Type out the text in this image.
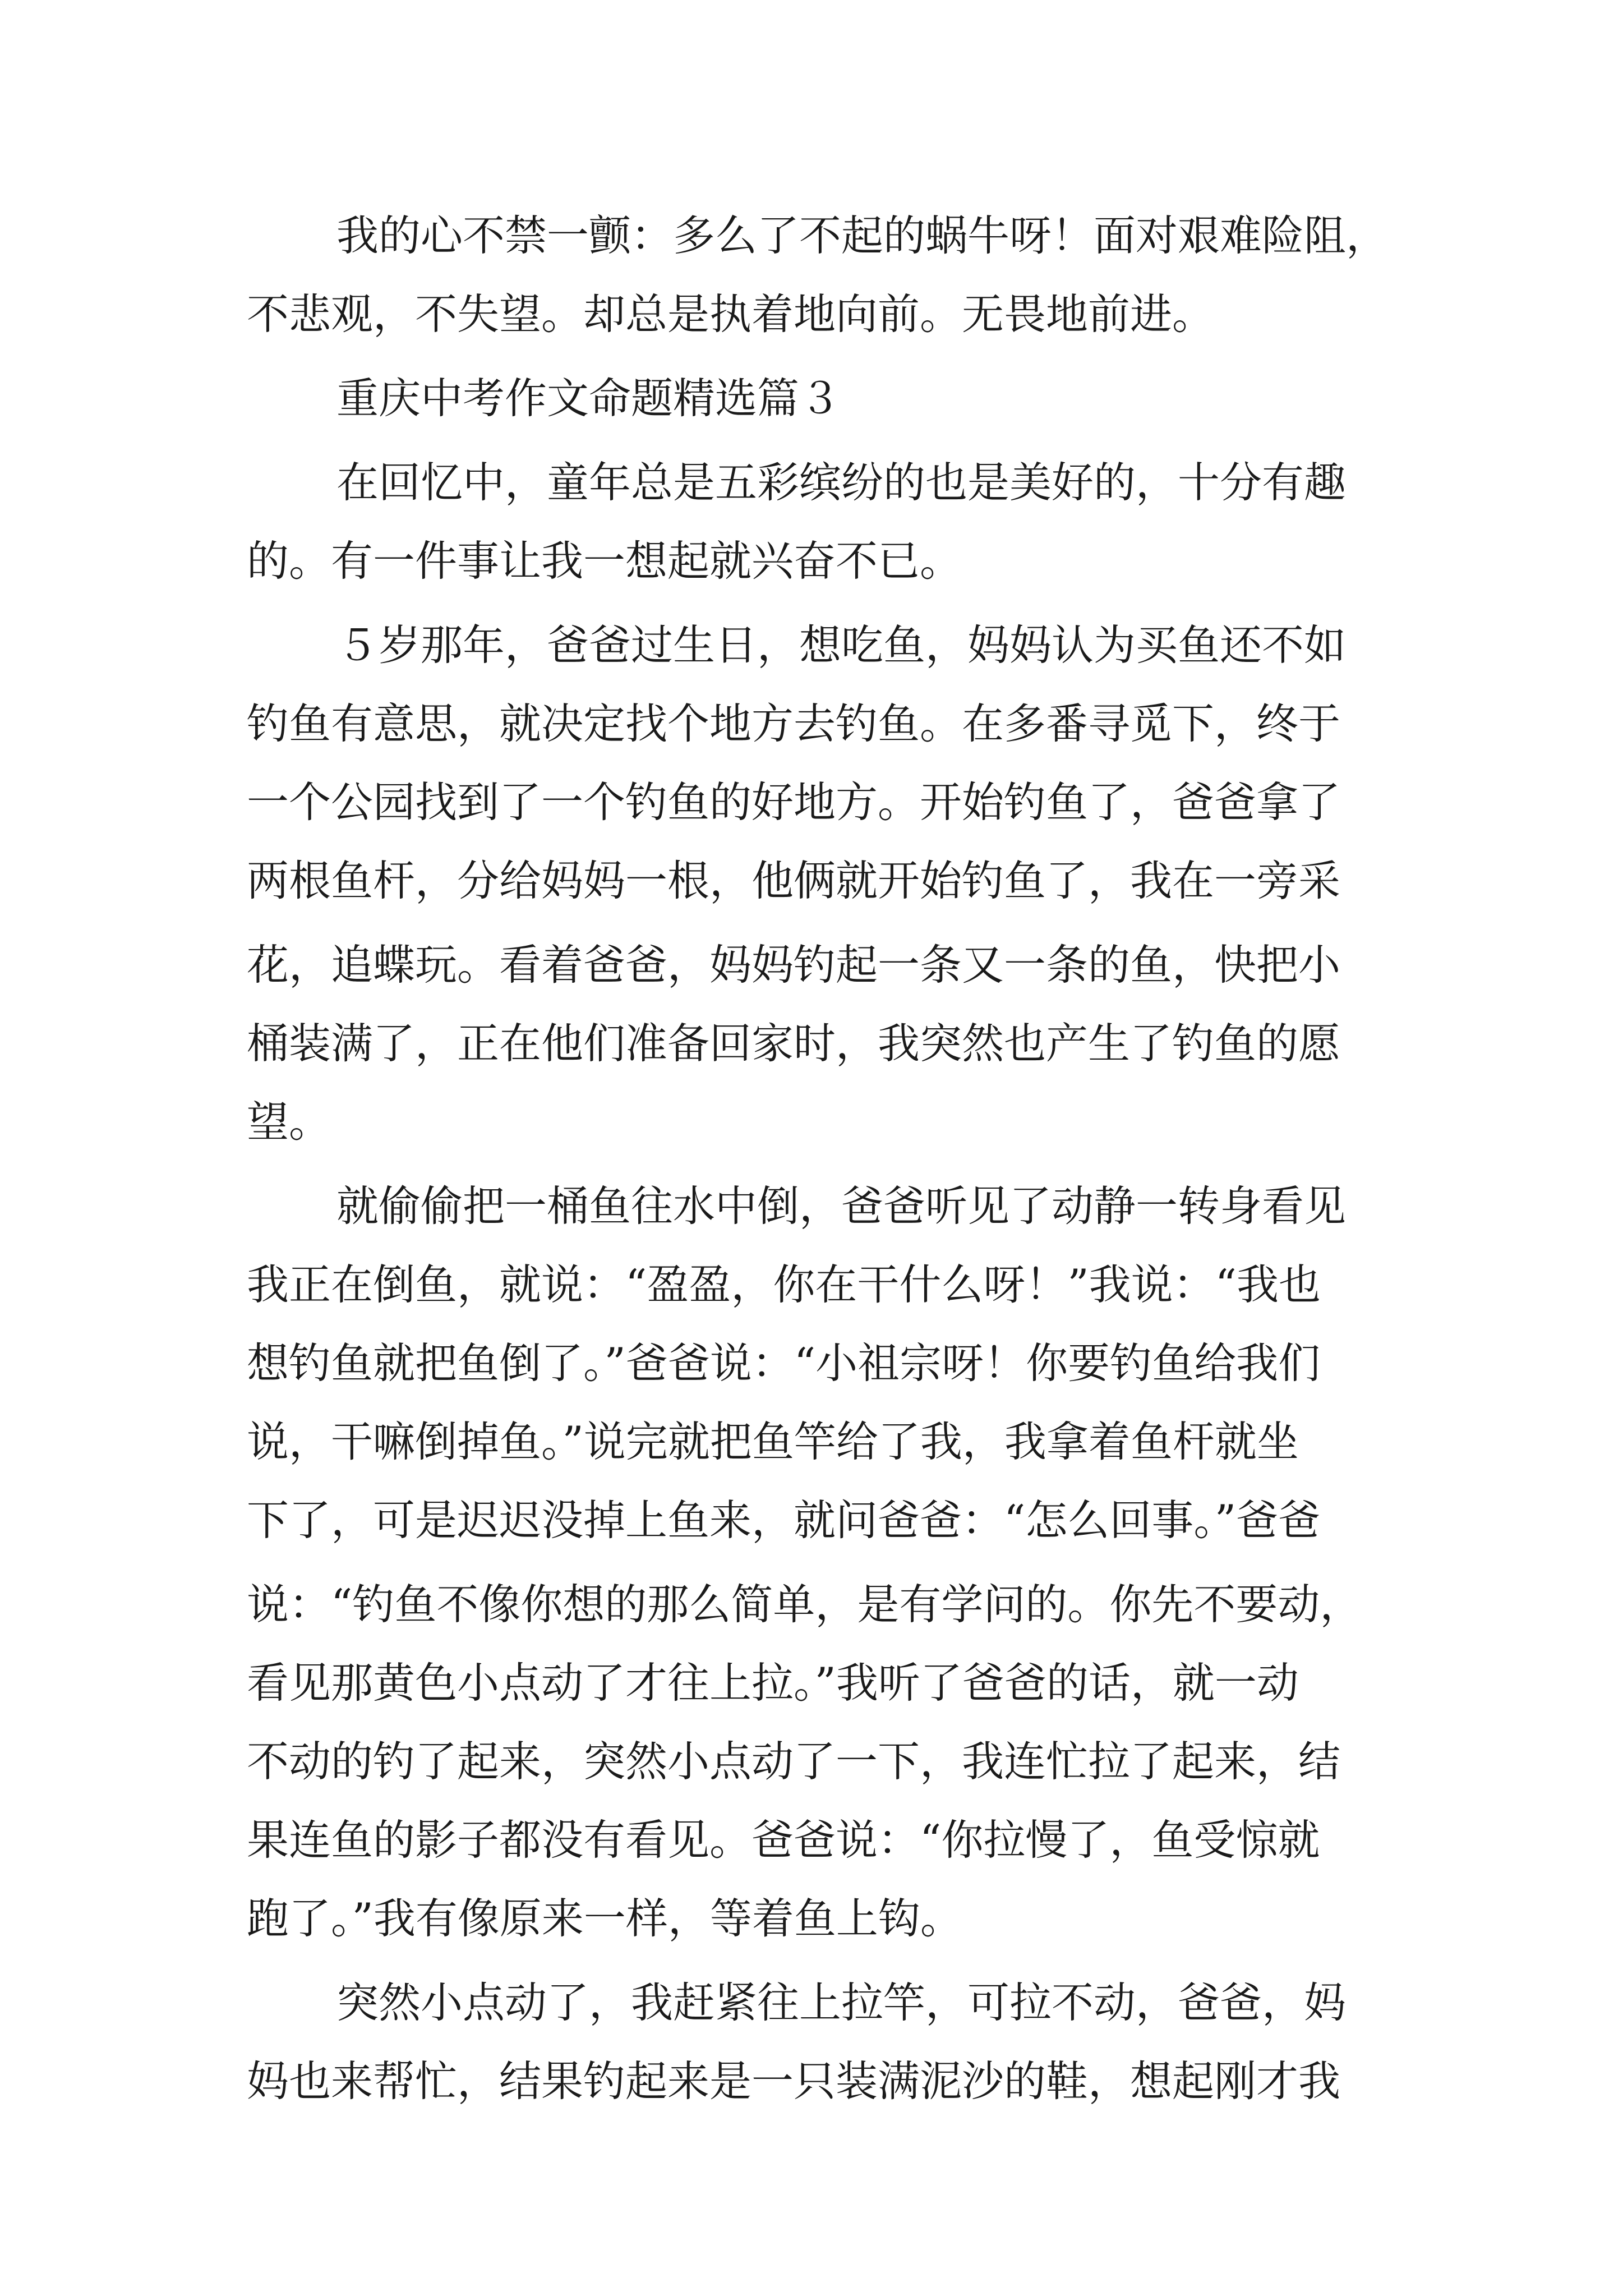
我的心不禁一颤：多么了不起的蜗牛呀！面对艰难险阻，
不悲观，不失望。却总是执着地向前。无畏地前进。
重庆中考作文命题精选篇３
在回忆中，童年总是五彩缤纷的也是美好的，十分有趣
的。有一件事让我一想起就兴奋不已。
５岁那年，爸爸过生日，想吃鱼，妈妈认为买鱼还不如
钓鱼有意思，就决定找个地方去钓鱼。在多番寻觅下，终于
一个公园找到了一个钓鱼的好地方。开始钓鱼了，爸爸拿了
两根鱼杆，分给妈妈一根，他俩就开始钓鱼了，我在一旁采
花，追蝶玩。看着爸爸，妈妈钓起一条又一条的鱼，快把小
桶装满了，正在他们准备回家时，我突然也产生了钓鱼的愿
望。
就偷偷把一桶鱼往水中倒，爸爸听见了动静一转身看见
我正在倒鱼，就说：“盈盈，你在干什么呀！”我说：“我也
想钓鱼就把鱼倒了。”爸爸说：“小祖宗呀！你要钓鱼给我们
说，干嘛倒掉鱼。”说完就把鱼竿给了我，我拿着鱼杆就坐
下了，可是迟迟没掉上鱼来，就问爸爸：“怎么回事。”爸爸
说：“钓鱼不像你想的那么简单，是有学问的。你先不要动，
看见那黄色小点动了才往上拉。”我听了爸爸的话，就一动
不动的钓了起来，突然小点动了一下，我连忙拉了起来，结
果连鱼的影子都没有看见。爸爸说：“你拉慢了，鱼受惊就
跑了。”我有像原来一样，等着鱼上钩。
突然小点动了，我赶紧往上拉竿，可拉不动，爸爸，妈
妈也来帮忙，结果钓起来是一只装满泥沙的鞋，想起刚才我
